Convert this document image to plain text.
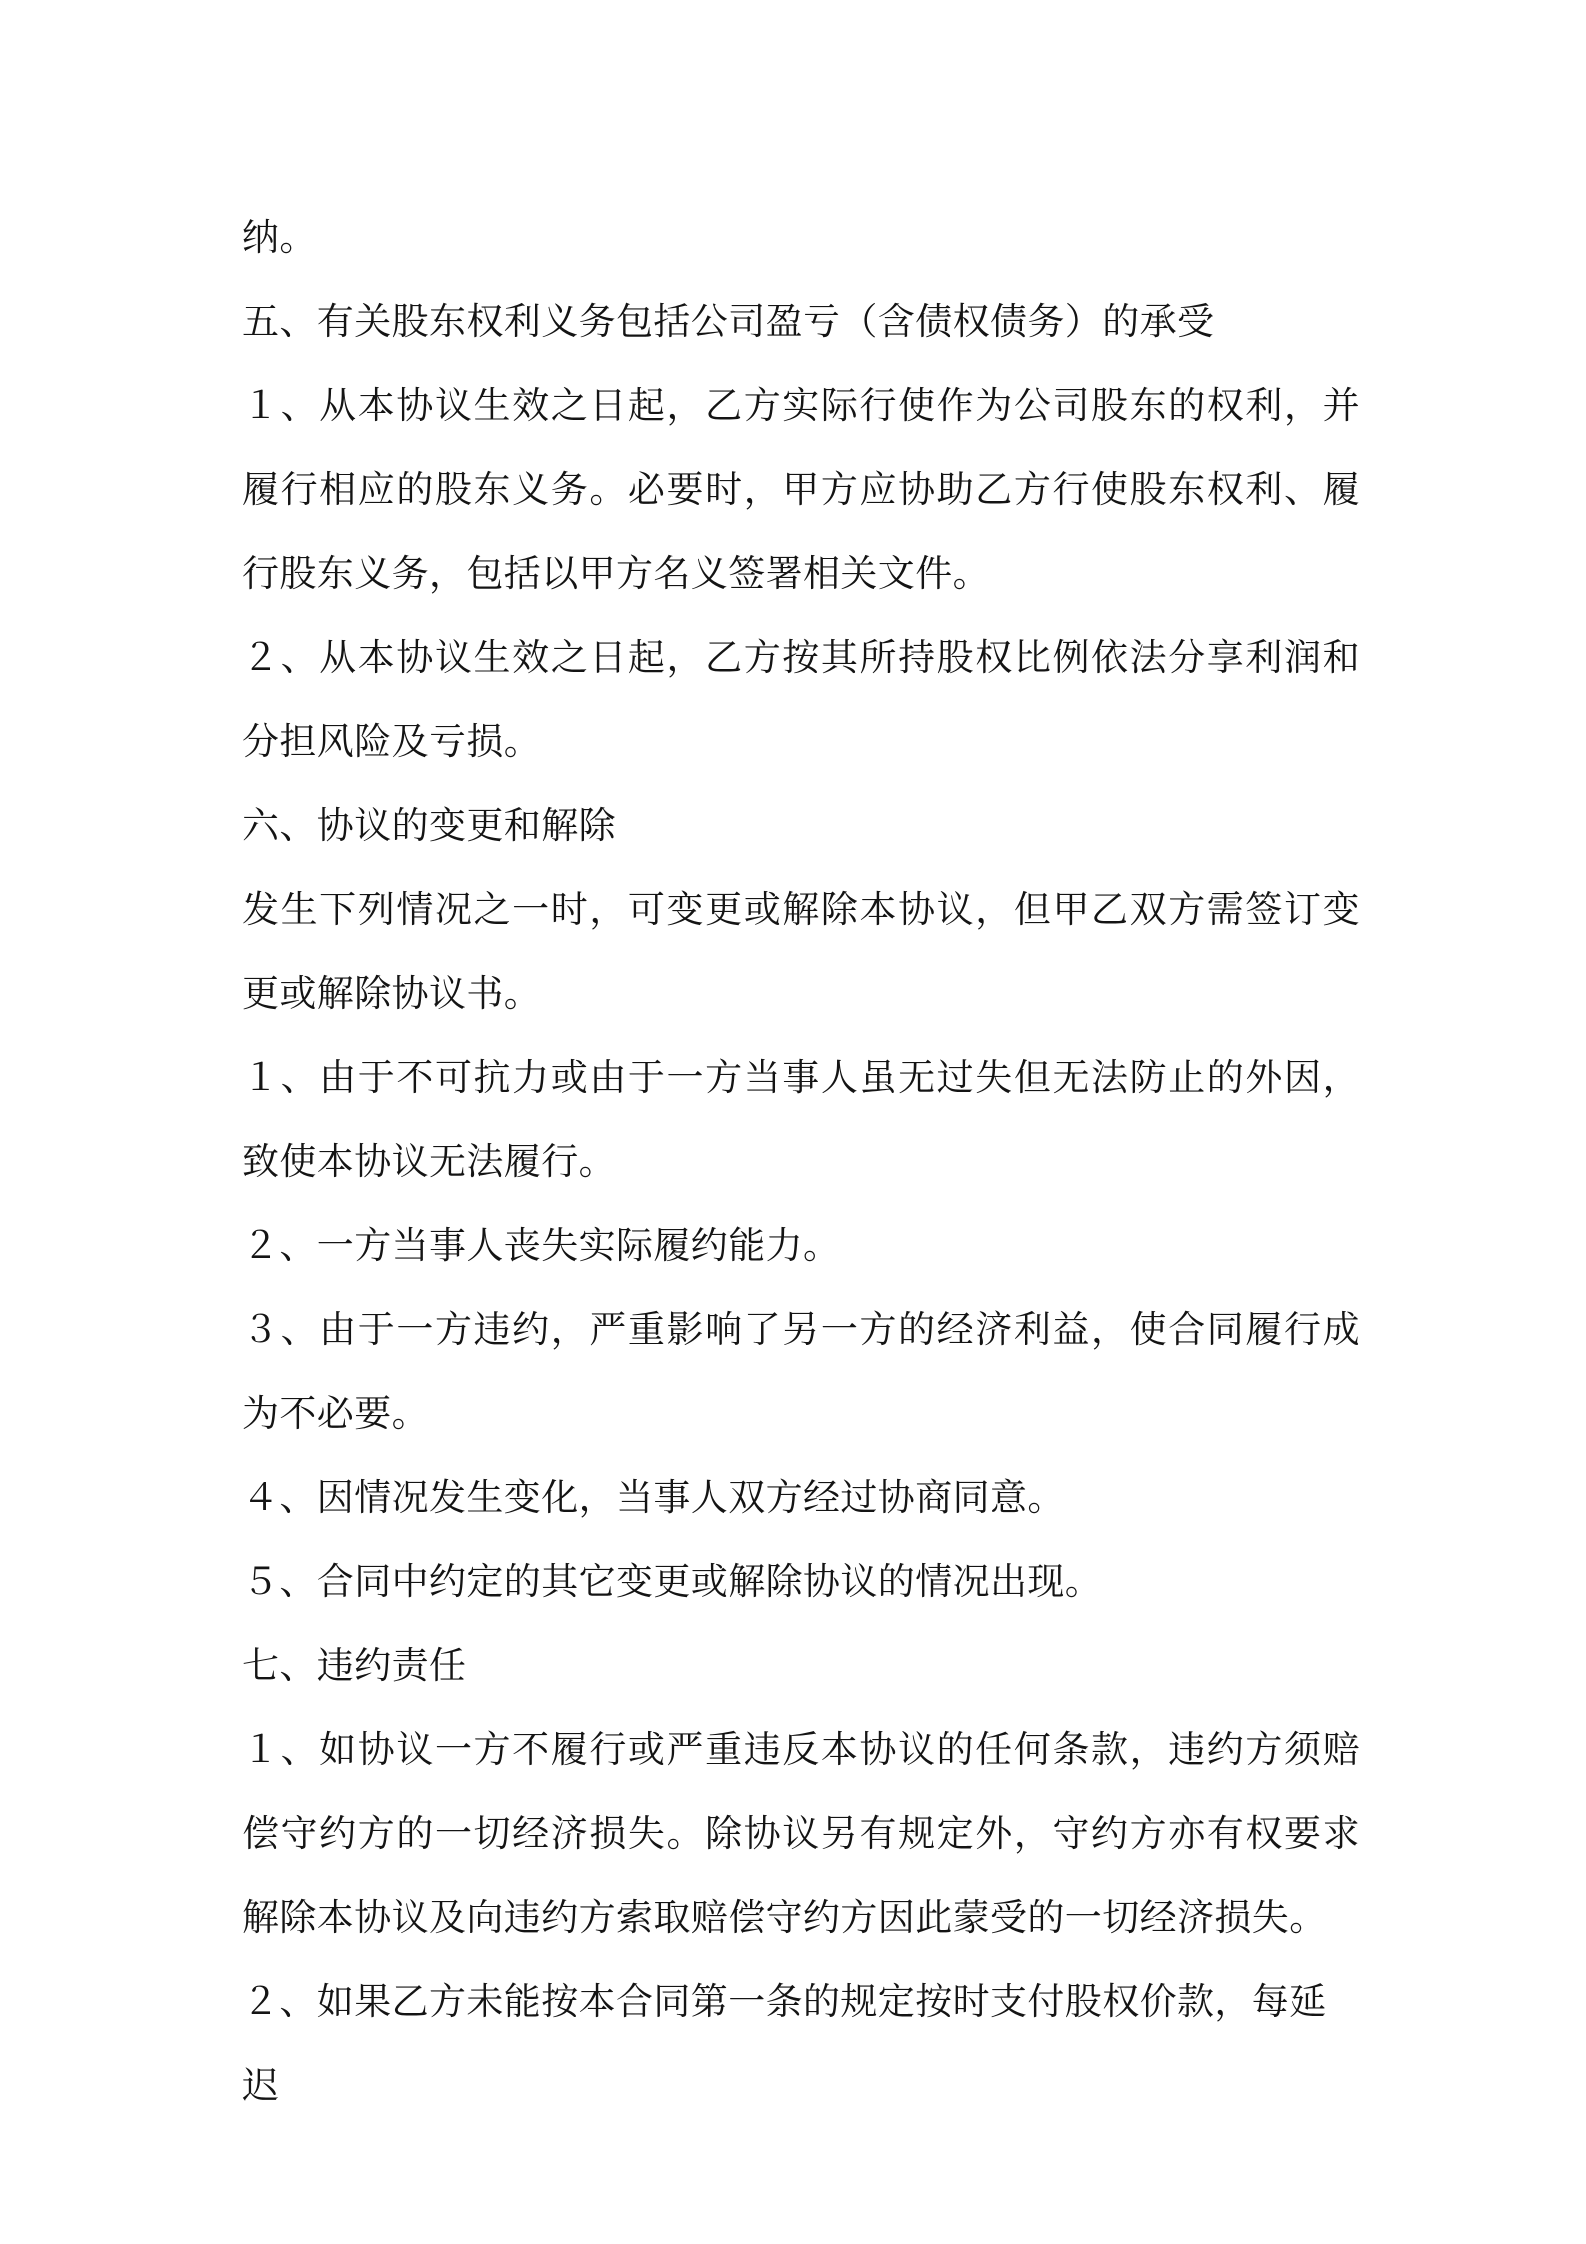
纳。

五、有关股东权利义务包括公司盈亏（含债权债务）的承受

１、从本协议生效之日起，乙方实际行使作为公司股东的权利，并履行相应的股东义务。必要时，甲方应协助乙方行使股东权利、履行股东义务，包括以甲方名义签署相关文件。

２、从本协议生效之日起，乙方按其所持股权比例依法分享利润和分担风险及亏损。

六、协议的变更和解除

发生下列情况之一时，可变更或解除本协议，但甲乙双方需签订变更或解除协议书。

１、由于不可抗力或由于一方当事人虽无过失但无法防止的外因，致使本协议无法履行。

２、一方当事人丧失实际履约能力。

３、由于一方违约，严重影响了另一方的经济利益，使合同履行成为不必要。

４、因情况发生变化，当事人双方经过协商同意。

５、合同中约定的其它变更或解除协议的情况出现。

七、违约责任

１、如协议一方不履行或严重违反本协议的任何条款，违约方须赔偿守约方的一切经济损失。除协议另有规定外，守约方亦有权要求解除本协议及向违约方索取赔偿守约方因此蒙受的一切经济损失。

２、如果乙方未能按本合同第一条的规定按时支付股权价款，每延迟
